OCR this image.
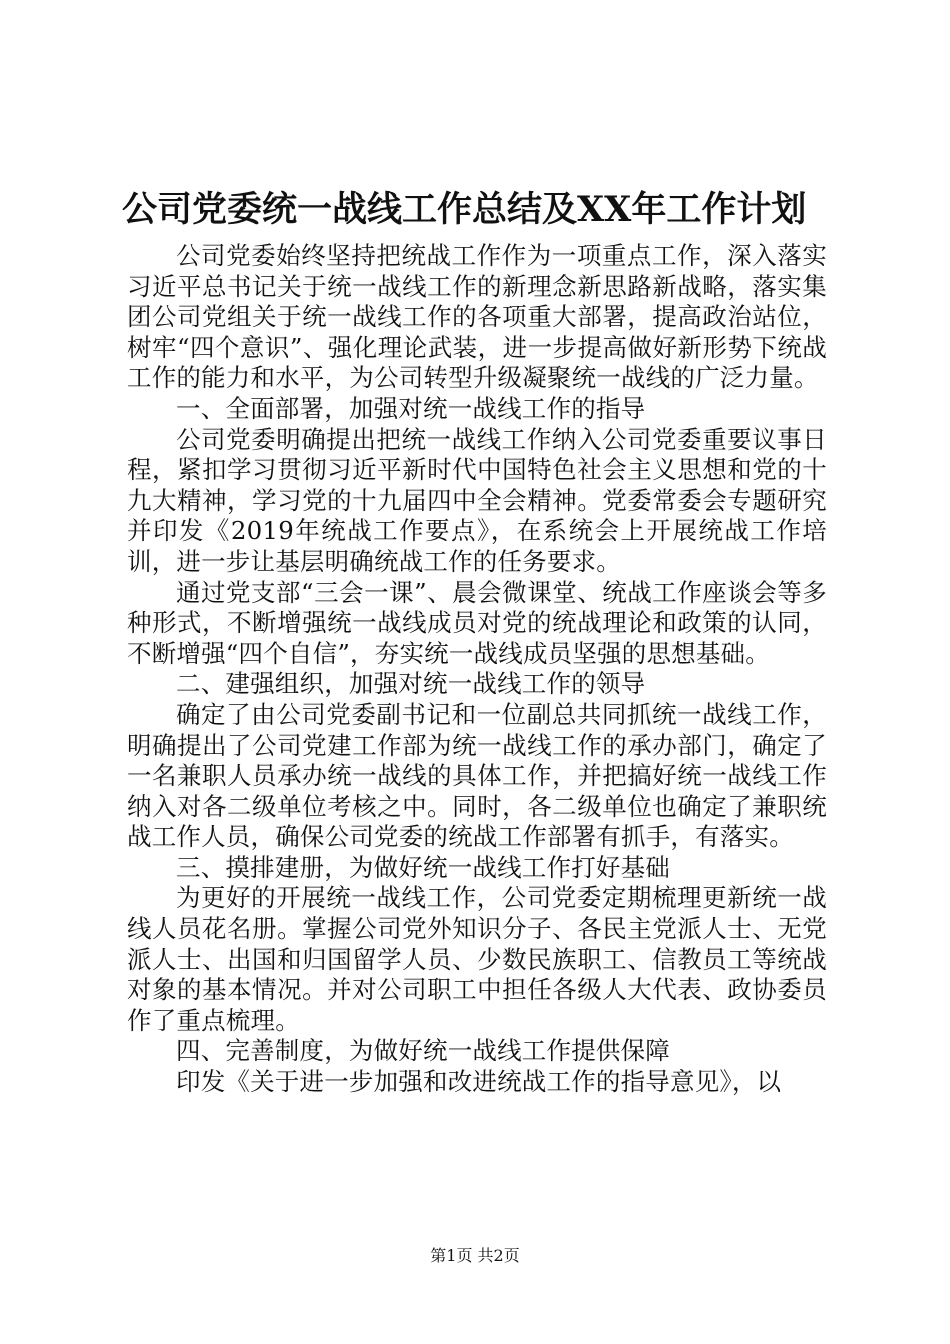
公司党委统一战线工作总结及XX年工作计划

公司党委始终坚持把统战工作作为一项重点工作，深入落实习近平总书记关于统一战线工作的新理念新思路新战略，落实集团公司党组关于统一战线工作的各项重大部署，提高政治站位，树牢“四个意识”、强化理论武装，进一步提高做好新形势下统战工作的能力和水平，为公司转型升级凝聚统一战线的广泛力量。

一、全面部署，加强对统一战线工作的指导

公司党委明确提出把统一战线工作纳入公司党委重要议事日程，紧扣学习贯彻习近平新时代中国特色社会主义思想和党的十九大精神，学习党的十九届四中全会精神。党委常委会专题研究并印发《2019年统战工作要点》，在系统会上开展统战工作培训，进一步让基层明确统战工作的任务要求。

通过党支部“三会一课”、晨会微课堂、统战工作座谈会等多种形式，不断增强统一战线成员对党的统战理论和政策的认同，不断增强“四个自信”，夯实统一战线成员坚强的思想基础。

二、建强组织，加强对统一战线工作的领导

确定了由公司党委副书记和一位副总共同抓统一战线工作，明确提出了公司党建工作部为统一战线工作的承办部门，确定了一名兼职人员承办统一战线的具体工作，并把搞好统一战线工作纳入对各二级单位考核之中。同时，各二级单位也确定了兼职统战工作人员，确保公司党委的统战工作部署有抓手，有落实。

三、摸排建册，为做好统一战线工作打好基础

为更好的开展统一战线工作，公司党委定期梳理更新统一战线人员花名册。掌握公司党外知识分子、各民主党派人士、无党派人士、出国和归国留学人员、少数民族职工、信教员工等统战对象的基本情况。并对公司职工中担任各级人大代表、政协委员作了重点梳理。

四、完善制度，为做好统一战线工作提供保障

印发《关于进一步加强和改进统战工作的指导意见》，以

第1页 共2页
